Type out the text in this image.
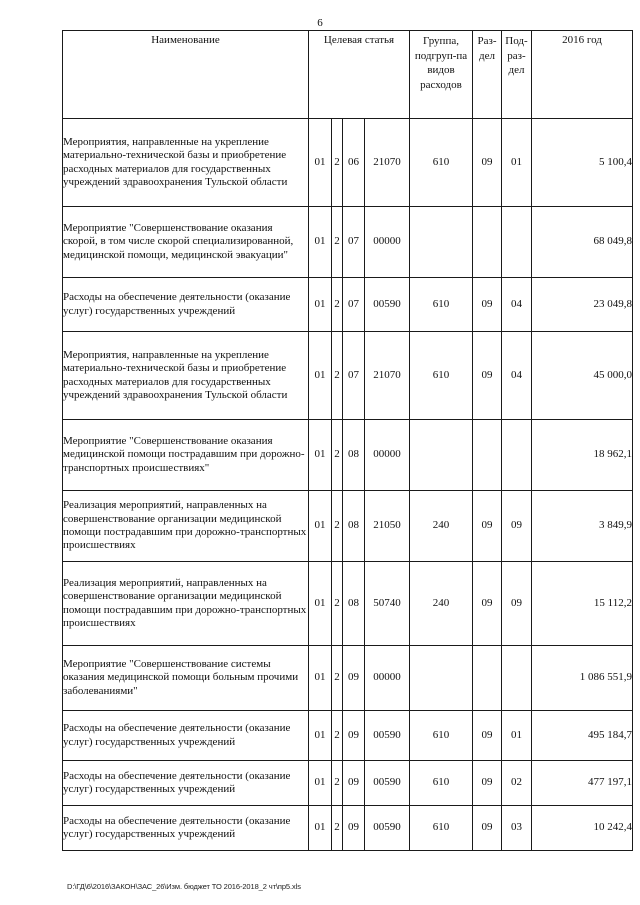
6
Наименование	Целевая статья				Группа, подгруп-па видов расходов	Раз-дел	Под-раз-дел	2016 год
Мероприятия, направленные на укрепление материально-технической базы и приобретение расходных материалов для государственных учреждений здравоохранения Тульской области	01	2	06	21070	610	09	01	5 100,4
Мероприятие "Совершенствование оказания скорой, в том числе скорой специализированной, медицинской помощи, медицинской эвакуации"	01	2	07	00000				68 049,8
Расходы на обеспечение деятельности (оказание услуг) государственных учреждений	01	2	07	00590	610	09	04	23 049,8
Мероприятия, направленные на укрепление материально-технической базы и приобретение расходных материалов для государственных учреждений здравоохранения Тульской области	01	2	07	21070	610	09	04	45 000,0
Мероприятие "Совершенствование оказания медицинской помощи пострадавшим при дорожно-транспортных происшествиях"	01	2	08	00000				18 962,1
Реализация мероприятий, направленных на совершенствование организации медицинской помощи пострадавшим при дорожно-транспортных происшествиях	01	2	08	21050	240	09	09	3 849,9
Реализация мероприятий, направленных на совершенствование организации медицинской помощи пострадавшим при дорожно-транспортных происшествиях	01	2	08	50740	240	09	09	15 112,2
Мероприятие "Совершенствование системы оказания медицинской помощи больным прочими заболеваниями"	01	2	09	00000				1 086 551,9
Расходы на обеспечение деятельности (оказание услуг) государственных учреждений	01	2	09	00590	610	09	01	495 184,7
Расходы на обеспечение деятельности (оказание услуг) государственных учреждений	01	2	09	00590	610	09	02	477 197,1
Расходы на обеспечение деятельности (оказание услуг) государственных учреждений	01	2	09	00590	610	09	03	10 242,4
D:\ГД\6\2016\ЗАКОН\ЗАС_26\Изм. бюджет ТО 2016-2018_2 чт\пр5.xls
